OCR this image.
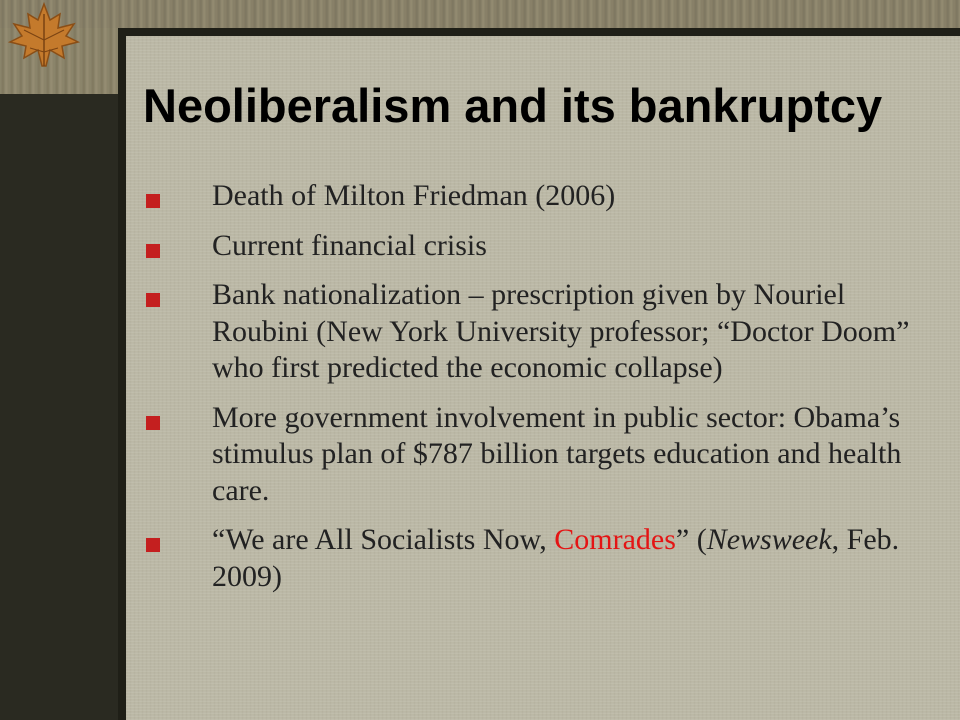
Neoliberalism and its bankruptcy
Death of Milton Friedman (2006)
Current financial crisis
Bank nationalization – prescription given by Nouriel Roubini (New York University professor; “Doctor Doom” who first predicted the economic collapse)
More government involvement in public sector: Obama’s stimulus plan of $787 billion targets education and health care.
“We are All Socialists Now, Comrades” (Newsweek, Feb. 2009)
